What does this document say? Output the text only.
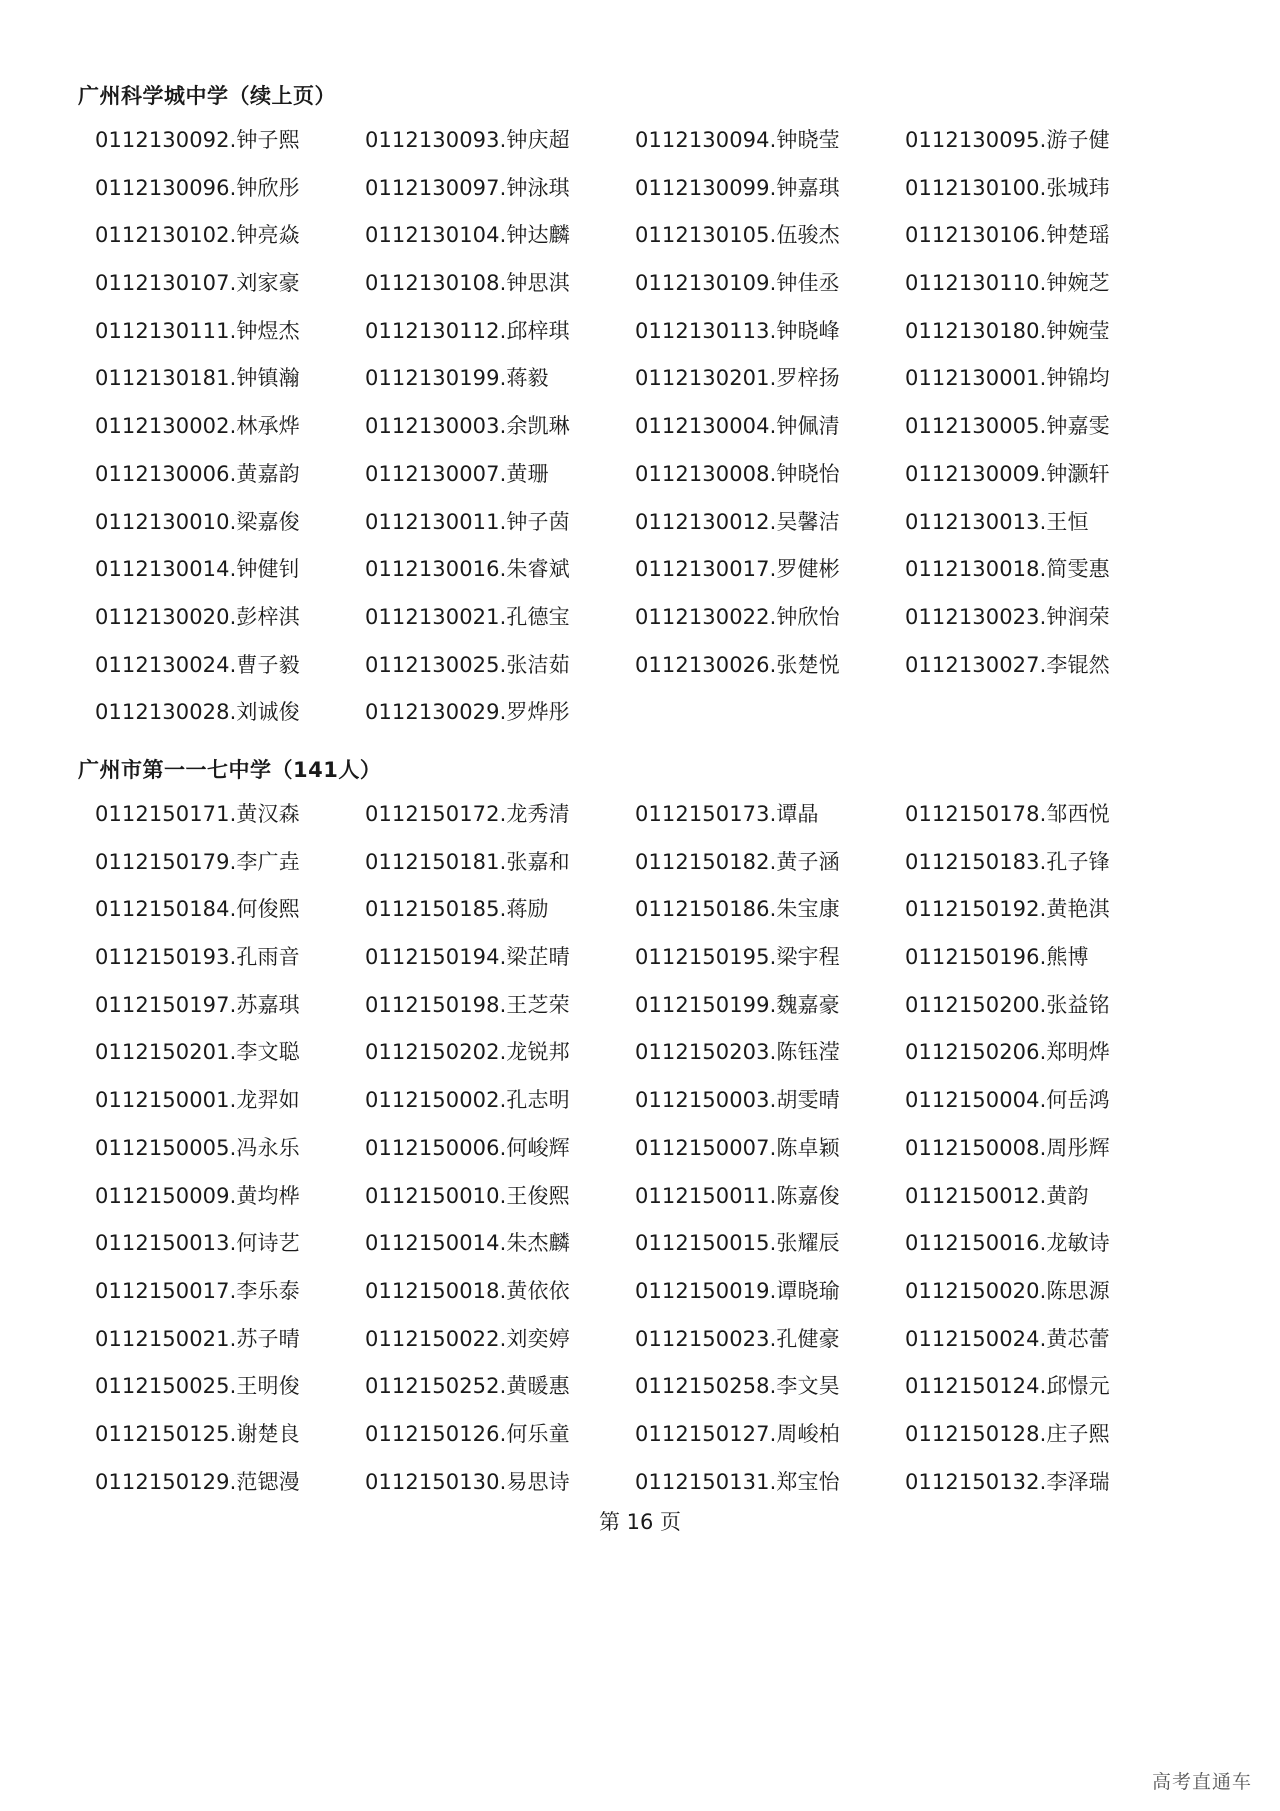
广州科学城中学（续上页）
0112130092.钟子熙	0112130093.钟庆超	0112130094.钟晓莹	0112130095.游子健
0112130096.钟欣彤	0112130097.钟泳琪	0112130099.钟嘉琪	0112130100.张城玮
0112130102.钟亮焱	0112130104.钟达麟	0112130105.伍骏杰	0112130106.钟楚瑶
0112130107.刘家豪	0112130108.钟思淇	0112130109.钟佳丞	0112130110.钟婉芝
0112130111.钟煜杰	0112130112.邱梓琪	0112130113.钟晓峰	0112130180.钟婉莹
0112130181.钟镇瀚	0112130199.蒋毅	0112130201.罗梓扬	0112130001.钟锦均
0112130002.林承烨	0112130003.余凯琳	0112130004.钟佩清	0112130005.钟嘉雯
0112130006.黄嘉韵	0112130007.黄珊	0112130008.钟晓怡	0112130009.钟灏轩
0112130010.梁嘉俊	0112130011.钟子茵	0112130012.吴馨洁	0112130013.王恒
0112130014.钟健钊	0112130016.朱睿斌	0112130017.罗健彬	0112130018.简雯惠
0112130020.彭梓淇	0112130021.孔德宝	0112130022.钟欣怡	0112130023.钟润荣
0112130024.曹子毅	0112130025.张洁茹	0112130026.张楚悦	0112130027.李锟然
0112130028.刘诚俊	0112130029.罗烨彤
广州市第一一七中学（141人）
0112150171.黄汉森	0112150172.龙秀清	0112150173.谭晶	0112150178.邹西悦
0112150179.李广垚	0112150181.张嘉和	0112150182.黄子涵	0112150183.孔子锋
0112150184.何俊熙	0112150185.蒋励	0112150186.朱宝康	0112150192.黄艳淇
0112150193.孔雨音	0112150194.梁芷晴	0112150195.梁宇程	0112150196.熊博
0112150197.苏嘉琪	0112150198.王芝荣	0112150199.魏嘉豪	0112150200.张益铭
0112150201.李文聪	0112150202.龙锐邦	0112150203.陈钰滢	0112150206.郑明烨
0112150001.龙羿如	0112150002.孔志明	0112150003.胡雯晴	0112150004.何岳鸿
0112150005.冯永乐	0112150006.何峻辉	0112150007.陈卓颖	0112150008.周彤辉
0112150009.黄均桦	0112150010.王俊熙	0112150011.陈嘉俊	0112150012.黄韵
0112150013.何诗艺	0112150014.朱杰麟	0112150015.张耀辰	0112150016.龙敏诗
0112150017.李乐泰	0112150018.黄依依	0112150019.谭晓瑜	0112150020.陈思源
0112150021.苏子晴	0112150022.刘奕婷	0112150023.孔健豪	0112150024.黄芯蕾
0112150025.王明俊	0112150252.黄暖惠	0112150258.李文昊	0112150124.邱憬元
0112150125.谢楚良	0112150126.何乐童	0112150127.周峻柏	0112150128.庄子熙
0112150129.范锶漫	0112150130.易思诗	0112150131.郑宝怡	0112150132.李泽瑞
第 16 页
高考直通车
